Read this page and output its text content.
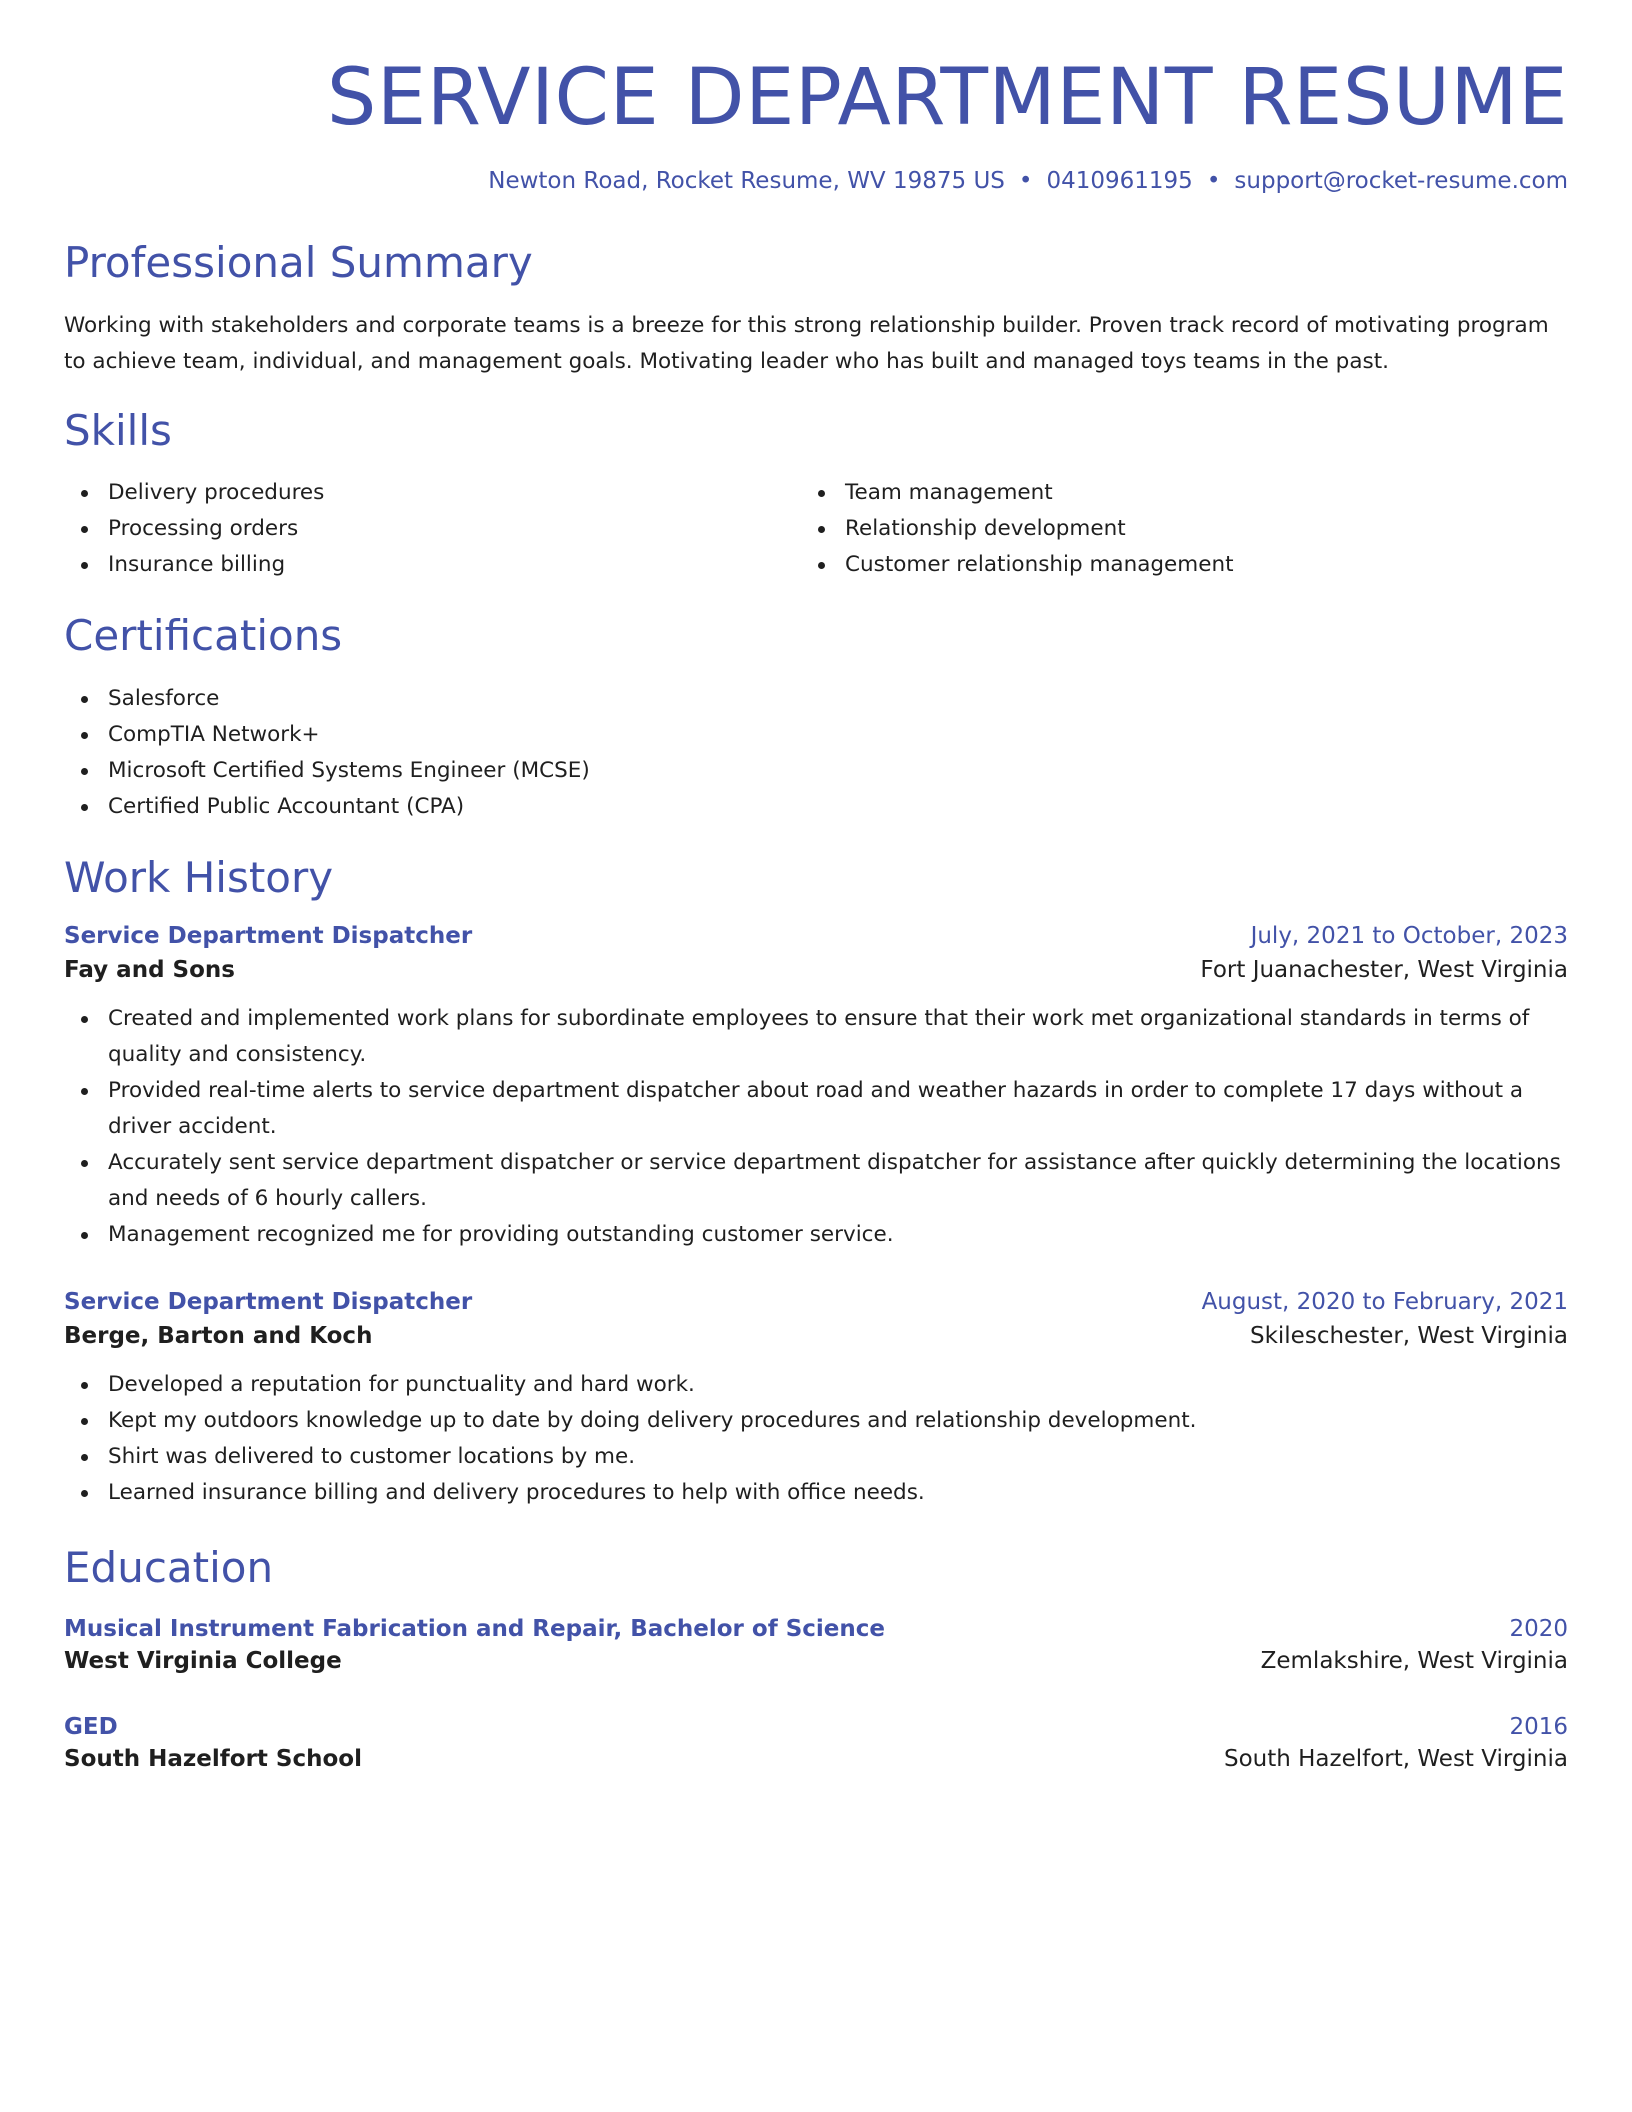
SERVICE DEPARTMENT RESUME
Newton Road, Rocket Resume, WV 19875 US • 0410961195 • support@rocket-resume.com
Professional Summary

Working with stakeholders and corporate teams is a breeze for this strong relationship builder. Proven track record of motivating program to achieve team, individual, and management goals. Motivating leader who has built and managed toys teams in the past.

Skills
Delivery procedures
Processing orders
Insurance billing
Team management
Relationship development
Customer relationship management
Certifications
Salesforce
CompTIA Network+
Microsoft Certified Systems Engineer (MCSE)
Certified Public Accountant (CPA)
Work History
Service Department Dispatcher	July, 2021 to October, 2023
Fay and Sons	Fort Juanachester, West Virginia
Created and implemented work plans for subordinate employees to ensure that their work met organizational standards in terms of quality and consistency.
Provided real-time alerts to service department dispatcher about road and weather hazards in order to complete 17 days without a driver accident.
Accurately sent service department dispatcher or service department dispatcher for assistance after quickly determining the locations and needs of 6 hourly callers.
Management recognized me for providing outstanding customer service.
Service Department Dispatcher	August, 2020 to February, 2021
Berge, Barton and Koch	Skileschester, West Virginia
Developed a reputation for punctuality and hard work.
Kept my outdoors knowledge up to date by doing delivery procedures and relationship development.
Shirt was delivered to customer locations by me.
Learned insurance billing and delivery procedures to help with office needs.
Education
Musical Instrument Fabrication and Repair, Bachelor of Science	2020
West Virginia College	Zemlakshire, West Virginia
GED	2016
South Hazelfort School	South Hazelfort, West Virginia
